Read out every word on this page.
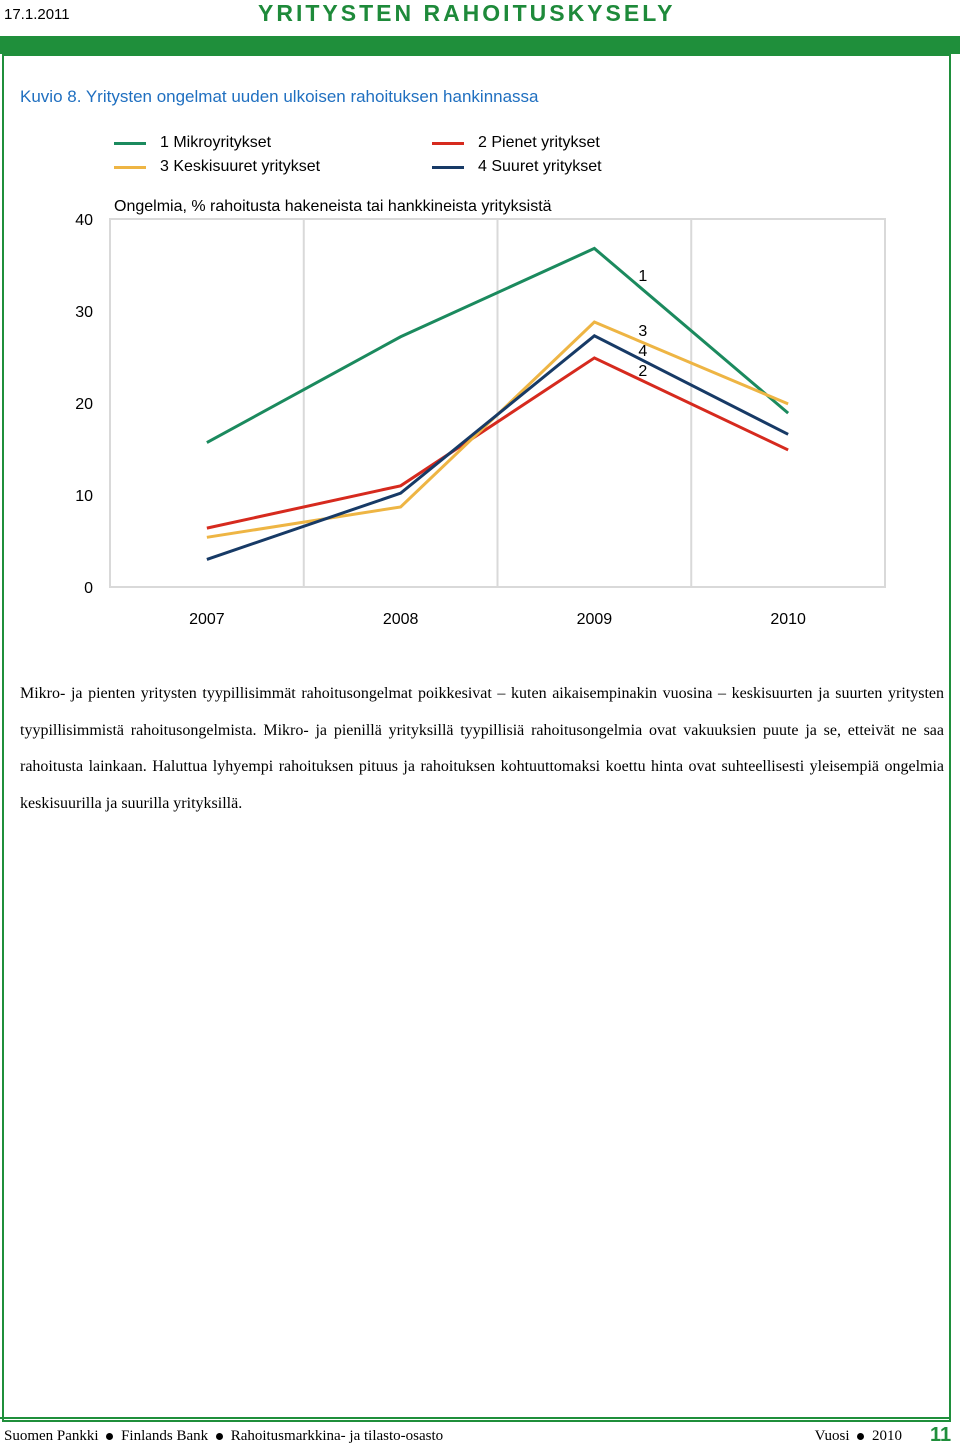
17.1.2011	YRITYSTEN RAHOITUSKYSELY
Kuvio 8. Yritysten ongelmat uuden ulkoisen rahoituksen hankinnassa
1 Mikroyritykset	2 Pienet yritykset
3 Keskisuuret yritykset	4 Suuret yritykset
Ongelmia, % rahoitusta hakeneista tai hankkineista yrityksistä
0
10
20
30
40
2007	2008	2009	2010
1
3
4
2
Mikro- ja pienten yritysten tyypillisimmät rahoitusongelmat poikkesivat – kuten aikaisempinakin vuosina – keskisuurten ja suurten yritysten tyypillisimmistä rahoitusongelmista. Mikro- ja pienillä yrityksillä tyypillisiä rahoitusongelmia ovat vakuuksien puute ja se, etteivät ne saa rahoitusta lainkaan. Haluttua lyhyempi rahoituksen pituus ja rahoituksen kohtuuttomaksi koettu hinta ovat suhteellisesti yleisempiä ongelmia keskisuurilla ja suurilla yrityksillä.
Suomen Pankki Finlands Bank Rahoitusmarkkina- ja tilasto-osasto	Vuosi 2010 11
